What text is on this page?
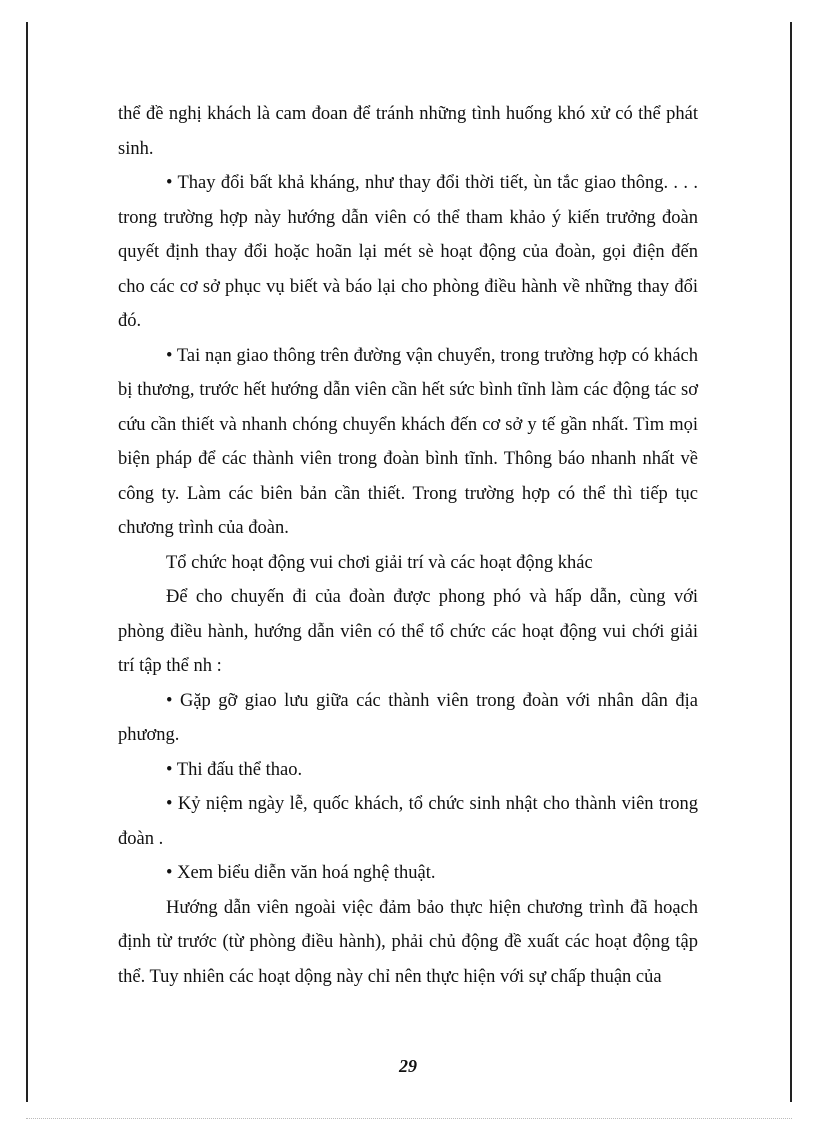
thể đề nghị khách là cam đoan để tránh những tình huống khó xử có thể phát sinh.

• Thay đổi bất khả kháng, như thay đổi thời tiết, ùn tắc giao thông. . . . trong trường hợp này hướng dẫn viên có thể tham khảo ý kiến trưởng đoàn quyết định thay đổi hoặc hoãn lại mét sè hoạt động của đoàn, gọi điện đến cho các cơ sở phục vụ biết và báo lại cho phòng điều hành về những thay đổi đó.

• Tai nạn giao thông trên đường vận chuyển, trong trường hợp có khách bị thương, trước hết hướng dẫn viên cần hết sức bình tĩnh làm các động tác sơ cứu cần thiết và nhanh chóng chuyển khách đến cơ sở y tế gần nhất. Tìm mọi biện pháp để các thành viên trong đoàn bình tĩnh. Thông báo nhanh nhất về công ty. Làm các biên bản cần thiết. Trong trường hợp có thể thì tiếp tục chương trình của đoàn.

Tổ chức hoạt động vui chơi giải trí và các hoạt động khác

Để cho chuyến đi của đoàn được phong phó và hấp dẫn, cùng với phòng điều hành, hướng dẫn viên có thể tổ chức các hoạt động vui chới giải trí tập thể nh :

• Gặp gỡ giao lưu giữa các thành viên trong đoàn với nhân dân địa phương.

• Thi đấu thể thao.

• Kỷ niệm ngày lễ, quốc khách, tổ chức sinh nhật cho thành viên trong đoàn .

• Xem biểu diễn văn hoá nghệ thuật.

Hướng dẫn viên ngoài việc đảm bảo thực hiện chương trình đã hoạch định từ trước (từ phòng điều hành), phải chủ động đề xuất các hoạt động tập thể. Tuy nhiên các hoạt dộng này chỉ nên thực hiện với sự chấp thuận của

29
